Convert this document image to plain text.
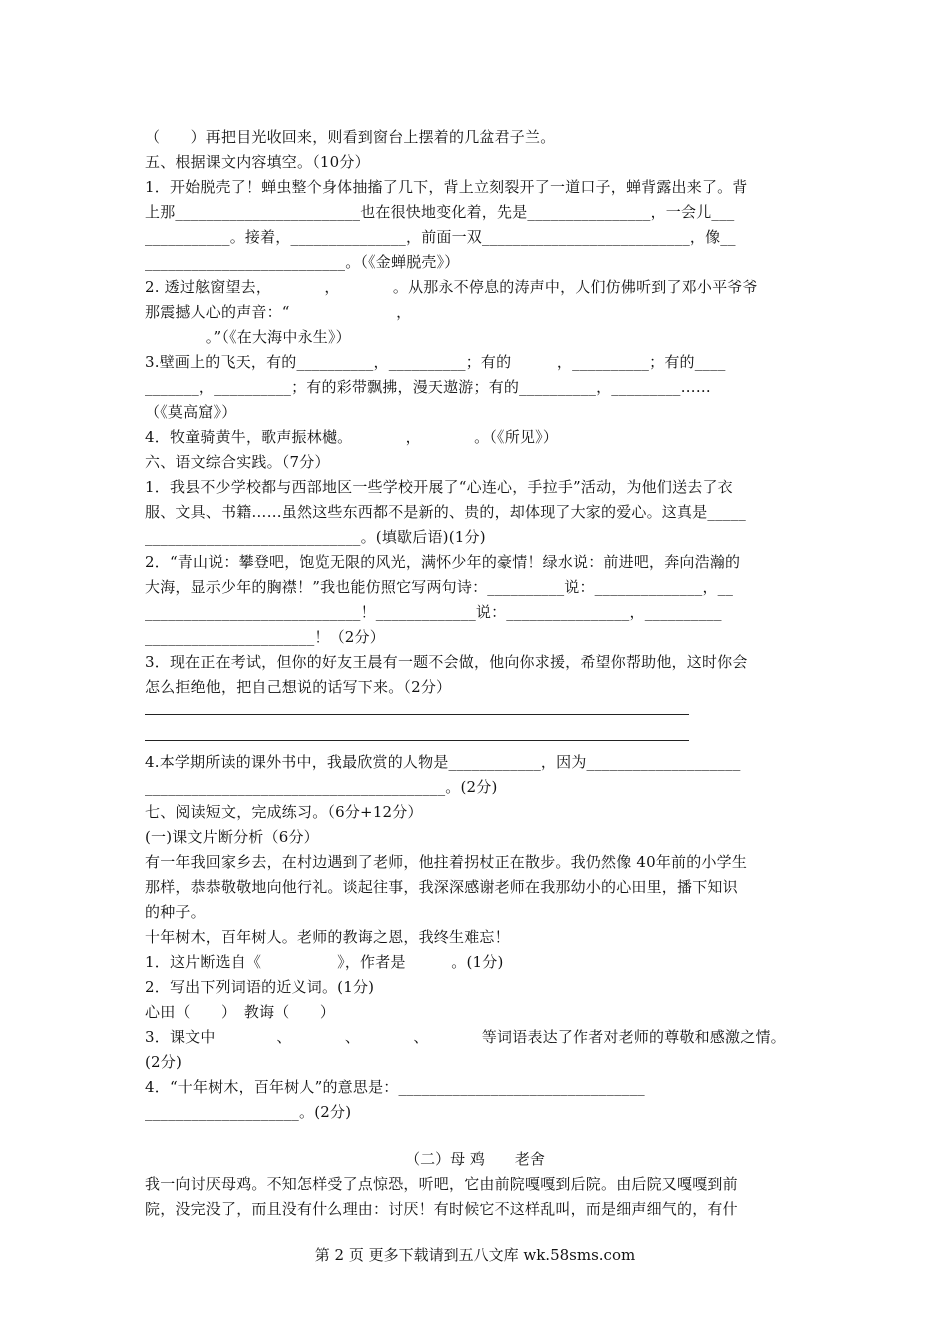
（　　）再把目光收回来，则看到窗台上摆着的几盆君子兰。
五、根据课文内容填空。（10分）
1．开始脱壳了！蝉虫整个身体抽搐了几下，背上立刻裂开了一道口子，蝉背露出来了。背
上那________________________也在很快地变化着，先是________________，一会儿___
___________。接着，_______________，前面一双___________________________，像__
__________________________。（《金蝉脱壳》）
2. 透过舷窗望去，　　　　，　　　　。从那永不停息的涛声中，人们仿佛听到了邓小平爷爷
那震撼人心的声音：“　　　　　　　，
　　　　。”（《在大海中永生》）
3.壁画上的飞天，有的__________，__________；有的　　　，__________；有的____
_______，__________；有的彩带飘拂，漫天遨游；有的__________，_________……
（《莫高窟》）
4．牧童骑黄牛，歌声振林樾。　　　　，　　　　。（《所见》）
六、语文综合实践。（7分）
1．我县不少学校都与西部地区一些学校开展了“心连心，手拉手”活动，为他们送去了衣
服、文具、书籍……虽然这些东西都不是新的、贵的，却体现了大家的爱心。这真是_____
____________________________。(填歇后语)(1分)
2．“青山说：攀登吧，饱览无限的风光，满怀少年的豪情！绿水说：前进吧，奔向浩瀚的
大海，显示少年的胸襟！”我也能仿照它写两句诗：__________说：______________，__
____________________________！_____________说：________________，__________
______________________！（2分）
3．现在正在考试，但你的好友王晨有一题不会做，他向你求援，希望你帮助他，这时你会
怎么拒绝他，把自己想说的话写下来。（2分）
4.本学期所读的课外书中，我最欣赏的人物是____________，因为____________________
_______________________________________。(2分)
七、阅读短文，完成练习。（6分+12分）
(一)课文片断分析（6分）
有一年我回家乡去，在村边遇到了老师，他拄着拐杖正在散步。我仍然像 40年前的小学生
那样，恭恭敬敬地向他行礼。谈起往事，我深深感谢老师在我那幼小的心田里，播下知识
的种子。
十年树木，百年树人。老师的教诲之恩，我终生难忘！
1．这片断选自《　　　　　》，作者是　　　。(1分)
2．写出下列词语的近义词。(1分)
心田（　　）　教诲（　　）
3．课文中　　　　、　　　　、　　　　、　　　　等词语表达了作者对老师的尊敬和感激之情。
(2分)
4．“十年树木，百年树人”的意思是：________________________________
____________________。(2分)
（二）母 鸡　　老舍
我一向讨厌母鸡。不知怎样受了点惊恐，听吧，它由前院嘎嘎到后院。由后院又嘎嘎到前
院，没完没了，而且没有什么理由：讨厌！有时候它不这样乱叫，而是细声细气的，有什
第 2 页 更多下载请到五八文库 wk.58sms.com
